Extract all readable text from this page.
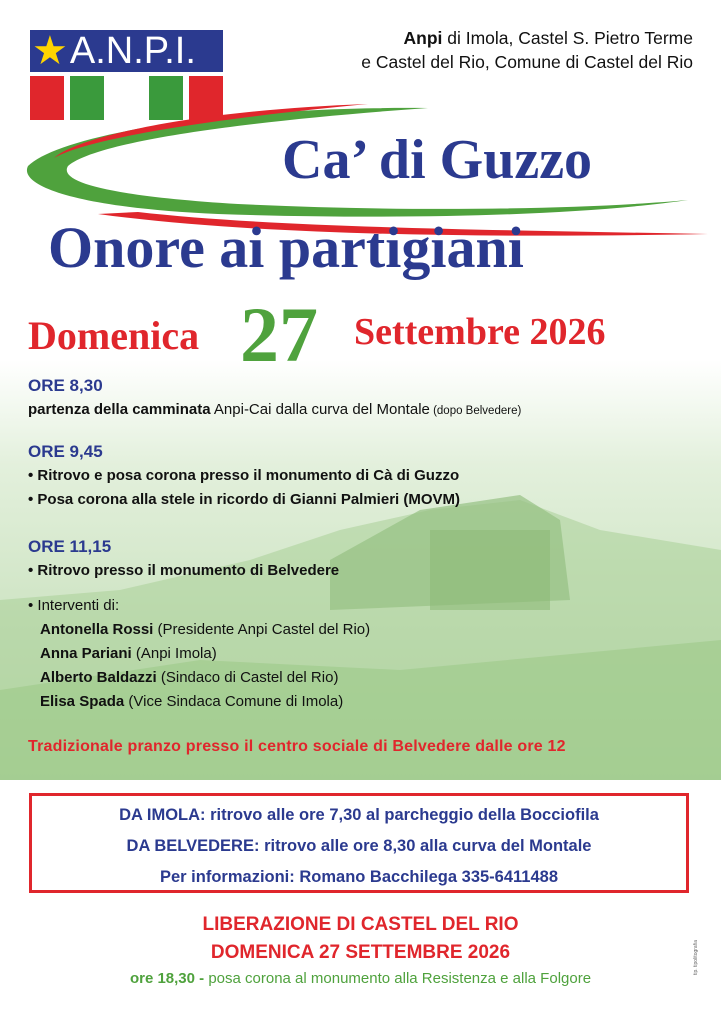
★ A.N.P.I.	Anpi di Imola, Castel S. Pietro Terme
e Castel del Rio, Comune di Castel del Rio
Ca’ di Guzzo
Onore ai partigiani
Domenica 27 Settembre 2026
ORE 8,30
partenza della camminata Anpi-Cai dalla curva del Montale (dopo Belvedere)
ORE 9,45
• Ritrovo e posa corona presso il monumento di Cà di Guzzo
• Posa corona alla stele in ricordo di Gianni Palmieri (MOVM)
ORE 11,15
• Ritrovo presso il monumento di Belvedere
• Interventi di:
Antonella Rossi (Presidente Anpi Castel del Rio)
Anna Pariani (Anpi Imola)
Alberto Baldazzi (Sindaco di Castel del Rio)
Elisa Spada (Vice Sindaca Comune di Imola)
Tradizionale pranzo presso il centro sociale di Belvedere dalle ore 12
DA IMOLA: ritrovo alle ore 7,30 al parcheggio della Bocciofila
DA BELVEDERE: ritrovo alle ore 8,30 alla curva del Montale
Per informazioni: Romano Bacchilega 335-6411488
LIBERAZIONE DI CASTEL DEL RIO
DOMENICA 27 SETTEMBRE 2026
ore 18,30 - posa corona al monumento alla Resistenza e alla Folgore
tip. tipolitografia
